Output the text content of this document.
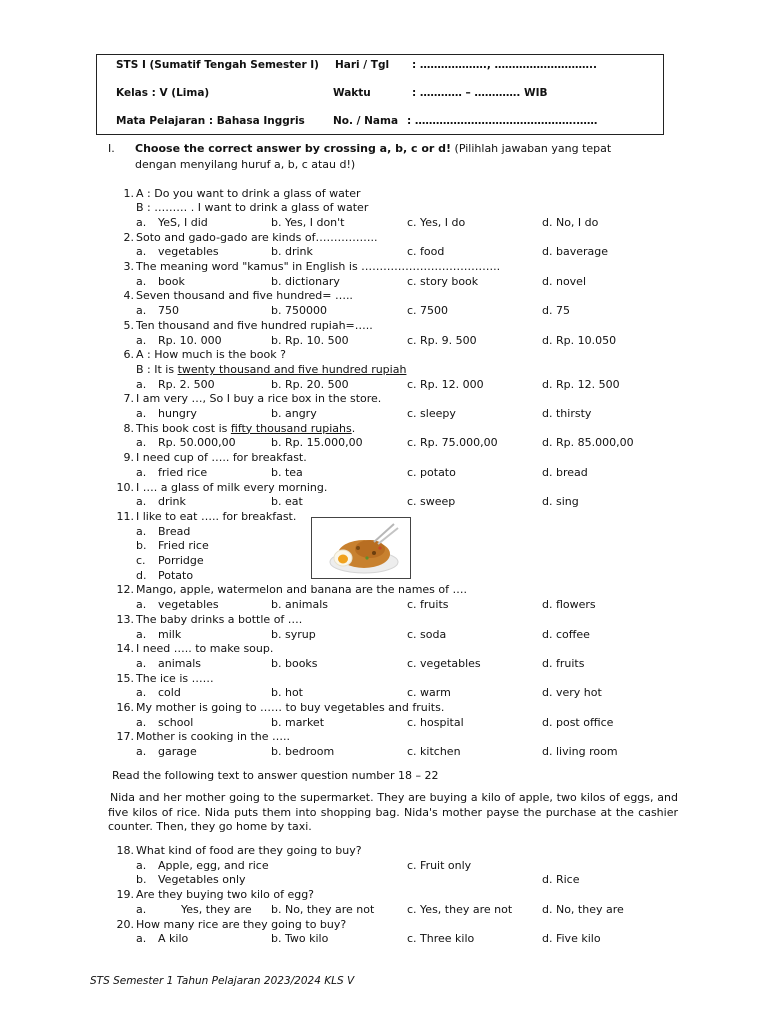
STS I (Sumatif Tengah Semester I) Hari / Tgl : ………………., ………………………..
Kelas : V (Lima)	Waktu	: ………… – …………. WIB
Mata Pelajaran : Bahasa Inggris	No. / Nama : ……………………………………….……
I. Choose the correct answer by crossing a, b, c or d! (Pilihlah jawaban yang tepat dengan menyilang huruf a, b, c atau d!)
1. A : Do you want to drink a glass of water
B : ……… . I want to drink a glass of water
a. YeS, I did	b. Yes, I don't	c. Yes, I do	d. No, I do
2. Soto and gado-gado are kinds of……………..
a. vegetables	b. drink	c. food	d. baverage
3. The meaning word "kamus" in English is ………………………………..
a. book	b. dictionary	c. story book	d. novel
4. Seven thousand and five hundred= …..
a. 750	b. 750000	c. 7500	d. 75
5. Ten thousand and five hundred rupiah=…..
a. Rp. 10. 000	b. Rp. 10. 500	c. Rp. 9. 500	d. Rp. 10.050
6. A : How much is the book ?
B : It is twenty thousand and five hundred rupiah
a. Rp. 2. 500	b. Rp. 20. 500	c. Rp. 12. 000	d. Rp. 12. 500
7. I am very …, So I buy a rice box in the store.
a. hungry	b. angry	c. sleepy	d. thirsty
8. This book cost is fifty thousand rupiahs.
a. Rp. 50.000,00	b. Rp. 15.000,00	c. Rp. 75.000,00	d. Rp. 85.000,00
9. I need cup of ….. for breakfast.
a. fried rice	b. tea	c. potato	d. bread
10. I …. a glass of milk every morning.
a. drink	b. eat	c. sweep	d. sing
11. I like to eat ….. for breakfast.
a. Bread
b. Fried rice
c. Porridge
d. Potato
12. Mango, apple, watermelon and banana are the names of ….
a. vegetables	b. animals	c. fruits	d. flowers
13. The baby drinks a bottle of ….
a. milk	b. syrup	c. soda	d. coffee
14. I need ….. to make soup.
a. animals	b. books	c. vegetables	d. fruits
15. The ice is ……
a. cold	b. hot	c. warm	d. very hot
16. My mother is going to …… to buy vegetables and fruits.
a. school	b. market	c. hospital	d. post office
17. Mother is cooking in the …..
a. garage	b. bedroom	c. kitchen	d. living room
Read the following text to answer question number 18 – 22
Nida and her mother going to the supermarket. They are buying a kilo of apple, two kilos of eggs, and five kilos of rice. Nida puts them into shopping bag. Nida's mother payse the purchase at the cashier counter. Then, they go home by taxi.
18. What kind of food are they going to buy?
a. Apple, egg, and rice	c. Fruit only
b. Vegetables only	d. Rice
19. Are they buying two kilo of egg?
a.	Yes, they are b. No, they are not	c. Yes, they are not	d. No, they are
20. How many rice are they going to buy?
a. A kilo	b. Two kilo	c. Three kilo	d. Five kilo
STS Semester 1 Tahun Pelajaran 2023/2024 KLS V
